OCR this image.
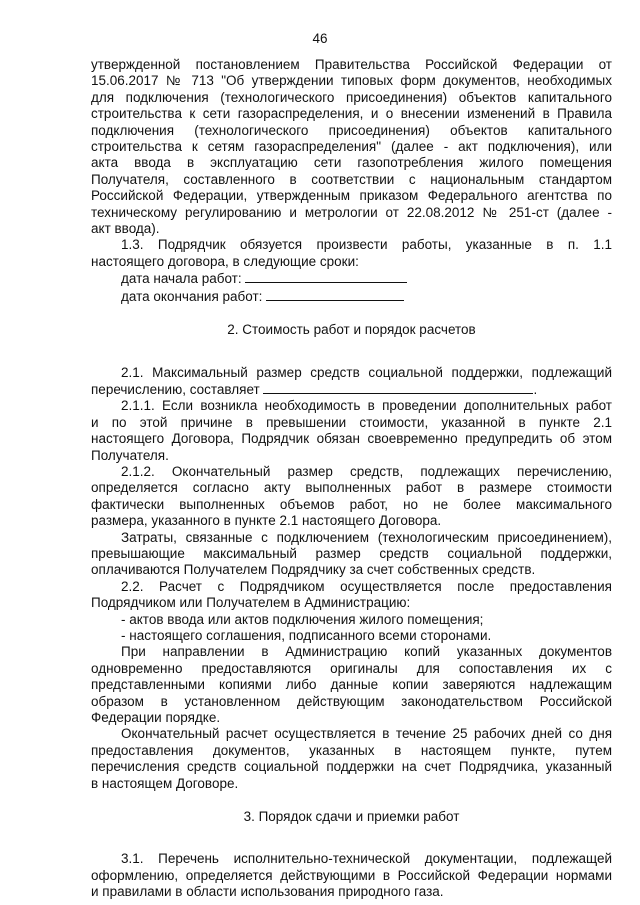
46

утвержденной постановлением Правительства Российской Федерации от

15.06.2017 № 713 "Об утверждении типовых форм документов, необходимых

для подключения (технологического присоединения) объектов капитального

строительства к сети газораспределения, и о внесении изменений в Правила

подключения (технологического присоединения) объектов капитального

строительства к сетям газораспределения" (далее - акт подключения), или

акта ввода в эксплуатацию сети газопотребления жилого помещения

Получателя, составленного в соответствии с национальным стандартом

Российской Федерации, утвержденным приказом Федерального агентства по

техническому регулированию и метрологии от 22.08.2012 № 251-ст (далее -

акт ввода).

1.3. Подрядчик обязуется произвести работы, указанные в п. 1.1

настоящего договора, в следующие сроки:

дата начала работ:

дата окончания работ:

2. Стоимость работ и порядок расчетов

2.1. Максимальный размер средств социальной поддержки, подлежащий

перечислению, составляет	.

2.1.1. Если возникла необходимость в проведении дополнительных работ

и по этой причине в превышении стоимости, указанной в пункте 2.1

настоящего Договора, Подрядчик обязан своевременно предупредить об этом

Получателя.

2.1.2. Окончательный размер средств, подлежащих перечислению,

определяется согласно акту выполненных работ в размере стоимости

фактически выполненных объемов работ, но не более максимального

размера, указанного в пункте 2.1 настоящего Договора.

Затраты, связанные с подключением (технологическим присоединением),

превышающие максимальный размер средств социальной поддержки,

оплачиваются Получателем Подрядчику за счет собственных средств.

2.2. Расчет с Подрядчиком осуществляется после предоставления

Подрядчиком или Получателем в Администрацию:

- актов ввода или актов подключения жилого помещения;

- настоящего соглашения, подписанного всеми сторонами.

При направлении в Администрацию копий указанных документов

одновременно предоставляются оригиналы для сопоставления их с

представленными копиями либо данные копии заверяются надлежащим

образом в установленном действующим законодательством Российской

Федерации порядке.

Окончательный расчет осуществляется в течение 25 рабочих дней со дня

предоставления документов, указанных в настоящем пункте, путем

перечисления средств социальной поддержки на счет Подрядчика, указанный

в настоящем Договоре.

3. Порядок сдачи и приемки работ

3.1. Перечень исполнительно-технической документации, подлежащей

оформлению, определяется действующими в Российской Федерации нормами

и правилами в области использования природного газа.
